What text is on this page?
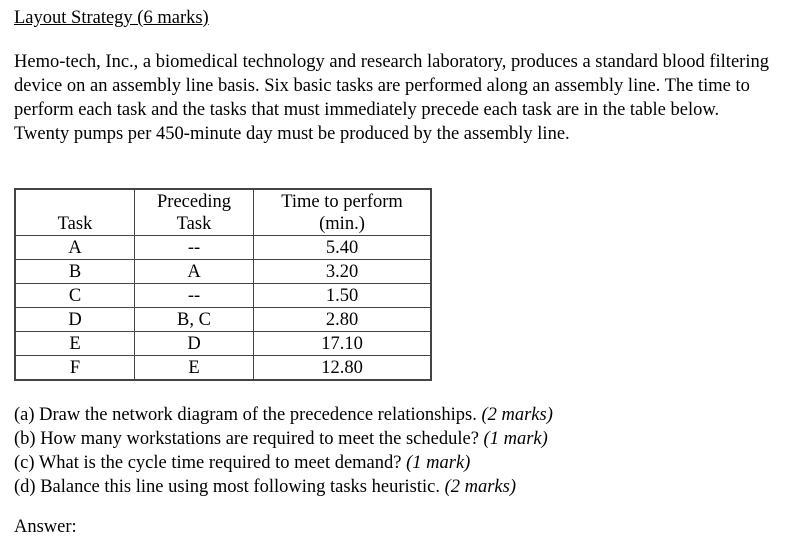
Layout Strategy (6 marks)
Hemo-tech, Inc., a biomedical technology and research laboratory, produces a standard blood filtering device on an assembly line basis. Six basic tasks are performed along an assembly line. The time to perform each task and the tasks that must immediately precede each task are in the table below. Twenty pumps per 450-minute day must be produced by the assembly line.
Task	Preceding Task	Time to perform (min.)
A	--	5.40
B	A	3.20
C	--	1.50
D	B, C	2.80
E	D	17.10
F	E	12.80
(a) Draw the network diagram of the precedence relationships. (2 marks)
(b) How many workstations are required to meet the schedule? (1 mark)
(c) What is the cycle time required to meet demand? (1 mark)
(d) Balance this line using most following tasks heuristic. (2 marks)
Answer:
